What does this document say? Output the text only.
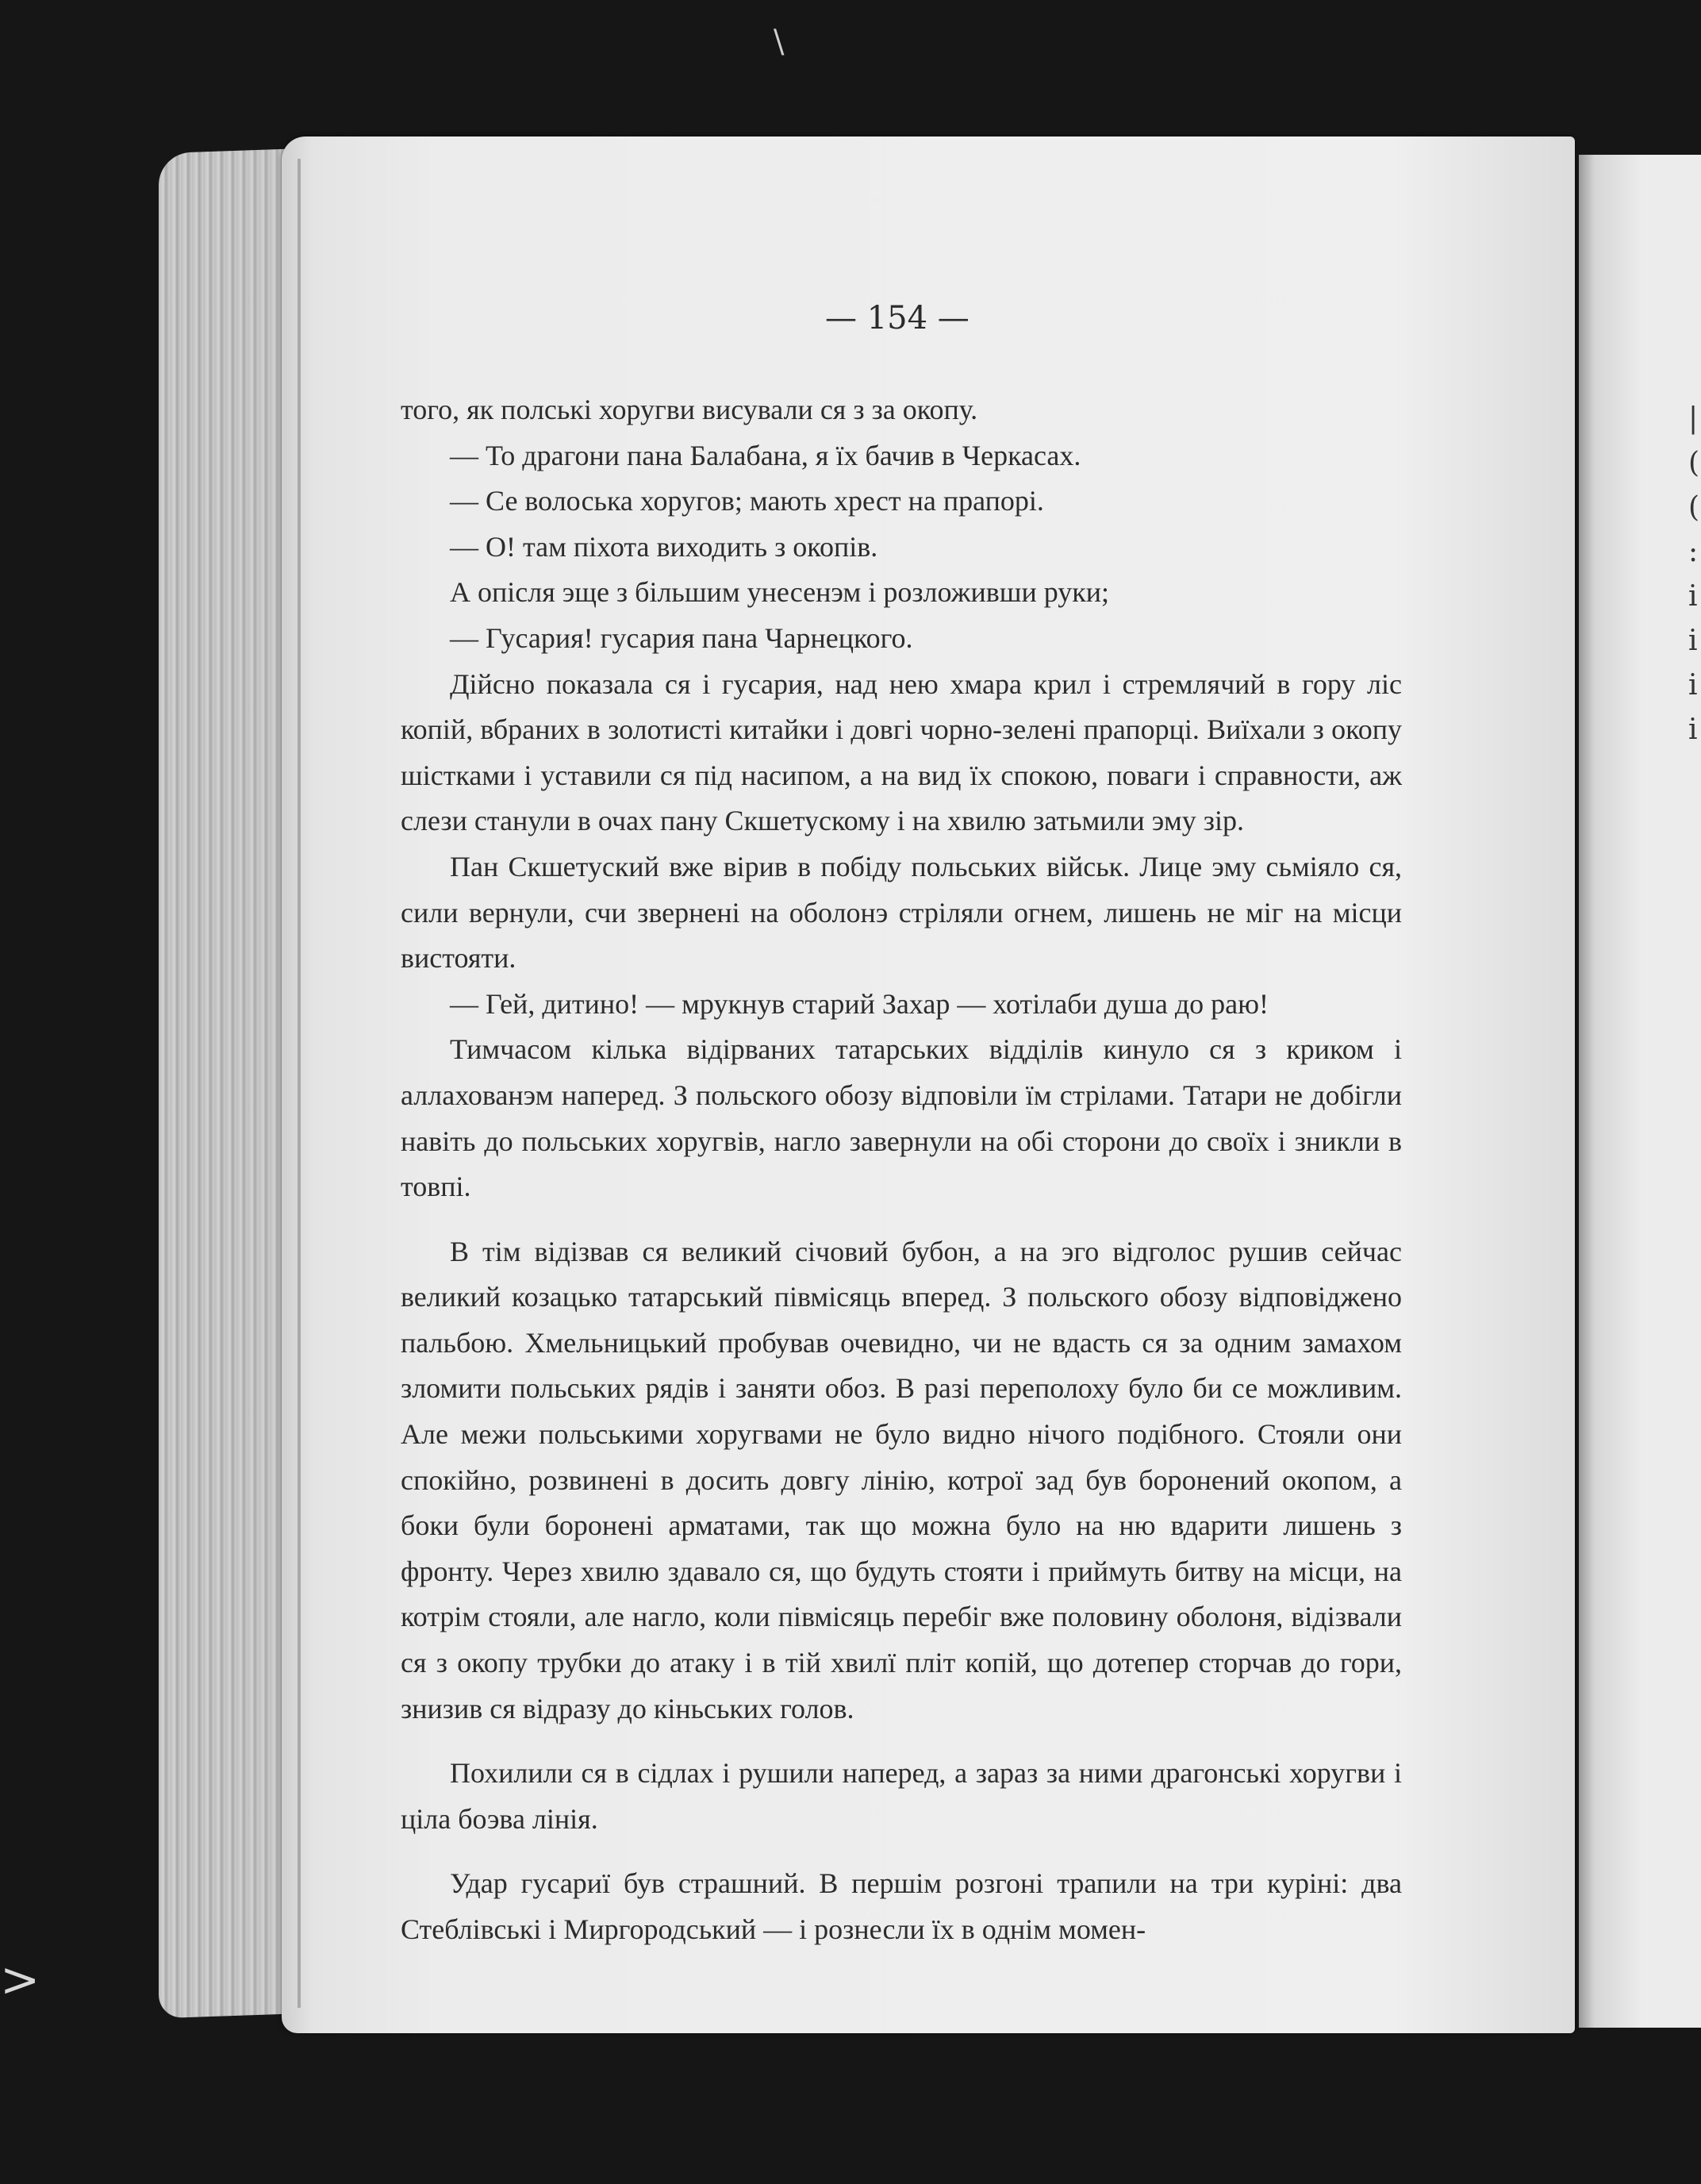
\
|
(
(
:
i
i
i
i
— 154 —

того, як полські хоругви висували ся з за окопу.

— То драгони пана Балабана, я їх бачив в Черкасах.

— Се волоська хоругов; мають хрест на прапорі.

— О! там піхота виходить з окопів.

А опісля эще з більшим унесенэм і розложивши руки;

— Гусария! гусария пана Чарнецкого.

Дійсно показала ся і гусария, над нею хмара крил і стремлячий в гору ліс копій, вбраних в золотисті китайки і довгі чорно-зелені прапорці. Виїхали з окопу шістками і уставили ся під насипом, а на вид їх спокою, поваги і справности, аж слези станули в очах пану Скшетускому і на хвилю затьмили эму зір.

Пан Скшетуский вже вірив в побіду польських військ. Лице эму сьміяло ся, сили вернули, счи звернені на оболонэ стріляли огнем, лишень не міг на місци вистояти.

— Гей, дитино! — мрукнув старий Захар — хотілаби душа до раю!

Тимчасом кілька відірваних татарських відділів кинуло ся з криком і аллахованэм наперед. З польского обозу відповіли їм стрілами. Татари не добігли навіть до польських хоругвів, нагло завернули на обі сторони до своїх і зникли в товпі.

В тім відізвав ся великий січовий бубон, а на эго відголос рушив сейчас великий козацько татарський півмісяць вперед. З польского обозу відповіджено пальбою. Хмельницький пробував очевидно, чи не вдасть ся за одним замахом зломити польських рядів і заняти обоз. В разі переполоху було би се можливим. Але межи польськими хоругвами не було видно нічого подібного. Стояли они спокійно, розвинені в досить довгу лінію, котрої зад був боронений окопом, а боки були боронені арматами, так що можна було на ню вдарити лишень з фронту. Через хвилю здавало ся, що будуть стояти і приймуть битву на місци, на котрім стояли, але нагло, коли півмісяць перебіг вже половину оболоня, відізвали ся з окопу трубки до атаку і в тій хвилї пліт копій, що дотепер сторчав до гори, знизив ся відразу до кіньських голов.

Похилили ся в сідлах і рушили наперед, а зараз за ними драгонські хоругви і ціла боэва лінія.

Удар гусариї був страшний. В першім розгоні трапили на три куріні: два Стеблівські і Миргородський — і рознесли їх в однім момен-

>
